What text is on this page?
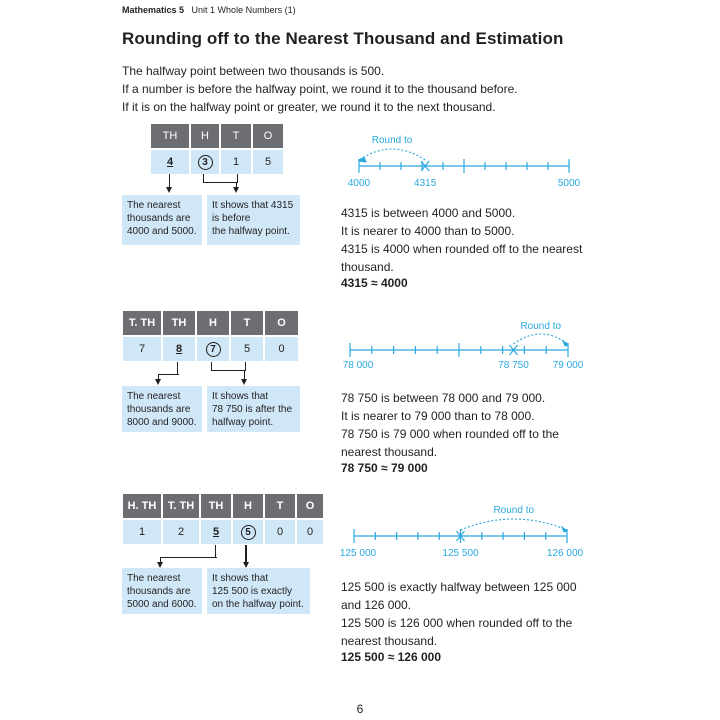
Mathematics 5 Unit 1 Whole Numbers (1)
Rounding off to the Nearest Thousand and Estimation
The halfway point between two thousands is 500.
If a number is before the halfway point, we round it to the thousand before.
If it is on the halfway point or greater, we round it to the next thousand.
TH	H	T	O
4	3	1	5
The nearest
thousands are
4000 and 5000.
It shows that 4315
is before
the halfway point.
Round to
4000	4315	5000
4315 is between 4000 and 5000.
It is nearer to 4000 than to 5000.
4315 is 4000 when rounded off to the nearest
thousand.
4315 ≈ 4000
T. TH	TH	H	T	O
7	8	7	5	0
The nearest
thousands are
8000 and 9000.
It shows that
78 750 is after the
halfway point.
Round to
78 000	78 750 79 000
78 750 is between 78 000 and 79 000.
It is nearer to 79 000 than to 78 000.
78 750 is 79 000 when rounded off to the
nearest thousand.
78 750 ≈ 79 000
H. TH	T. TH	TH	H	T	O
1	2	5	5	0	0
The nearest
thousands are
5000 and 6000.
It shows that
125 500 is exactly
on the halfway point.
Round to
125 000	125 500	126 000
125 500 is exactly halfway between 125 000
and 126 000.
125 500 is 126 000 when rounded off to the
nearest thousand.
125 500 ≈ 126 000
6
